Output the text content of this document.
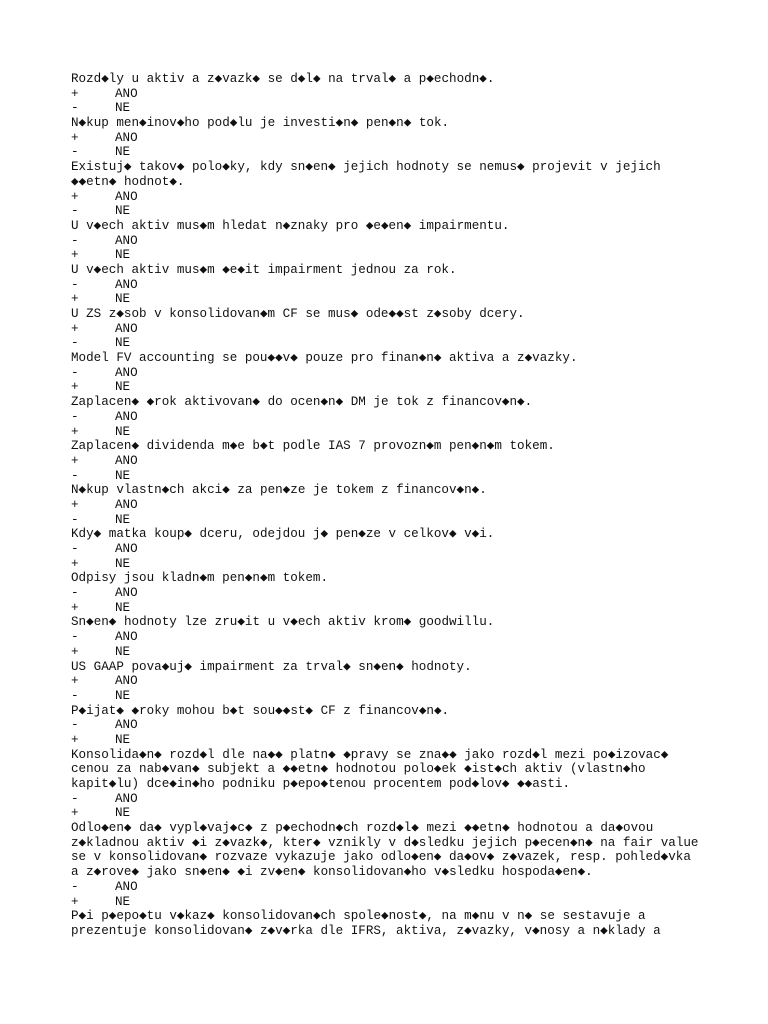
Rozd◆ly u aktiv a z◆vazk◆ se d◆l◆ na trval◆ a p◆echodn◆.
+	ANO
-	NE
N◆kup men◆inov◆ho pod◆lu je investi◆n◆ pen◆n◆ tok.
+	ANO
-	NE
Existuj◆ takov◆ polo◆ky, kdy sn◆en◆ jejich hodnoty se nemus◆ projevit v jejich
◆◆etn◆ hodnot◆.
+	ANO
-	NE
U v◆ech aktiv mus◆m hledat n◆znaky pro ◆e◆en◆ impairmentu.
-	ANO
+	NE
U v◆ech aktiv mus◆m ◆e◆it impairment jednou za rok.
-	ANO
+	NE
U ZS z◆sob v konsolidovan◆m CF se mus◆ ode◆◆st z◆soby dcery.
+	ANO
-	NE
Model FV accounting se pou◆◆v◆ pouze pro finan◆n◆ aktiva a z◆vazky.
-	ANO
+	NE
Zaplacen◆ ◆rok aktivovan◆ do ocen◆n◆ DM je tok z financov◆n◆.
-	ANO
+	NE
Zaplacen◆ dividenda m◆e b◆t podle IAS 7 provozn◆m pen◆n◆m tokem.
+	ANO
-	NE
N◆kup vlastn◆ch akci◆ za pen◆ze je tokem z financov◆n◆.
+	ANO
-	NE
Kdy◆ matka koup◆ dceru, odejdou j◆ pen◆ze v celkov◆ v◆i.
-	ANO
+	NE
Odpisy jsou kladn◆m pen◆n◆m tokem.
-	ANO
+	NE
Sn◆en◆ hodnoty lze zru◆it u v◆ech aktiv krom◆ goodwillu.
-	ANO
+	NE
US GAAP pova◆uj◆ impairment za trval◆ sn◆en◆ hodnoty.
+	ANO
-	NE
P◆ijat◆ ◆roky mohou b◆t sou◆◆st◆ CF z financov◆n◆.
-	ANO
+	NE
Konsolida◆n◆ rozd◆l dle na◆◆ platn◆ ◆pravy se zna◆◆ jako rozd◆l mezi po◆izovac◆
cenou za nab◆van◆ subjekt a ◆◆etn◆ hodnotou polo◆ek ◆ist◆ch aktiv (vlastn◆ho
kapit◆lu) dce◆in◆ho podniku p◆epo◆tenou procentem pod◆lov◆ ◆◆asti.
-	ANO
+	NE
Odlo◆en◆ da◆ vypl◆vaj◆c◆ z p◆echodn◆ch rozd◆l◆ mezi ◆◆etn◆ hodnotou a da◆ovou
z◆kladnou aktiv ◆i z◆vazk◆, kter◆ vznikly v d◆sledku jejich p◆ecen◆n◆ na fair value
se v konsolidovan◆ rozvaze vykazuje jako odlo◆en◆ da◆ov◆ z◆vazek, resp. pohled◆vka
a z◆rove◆ jako sn◆en◆ ◆i zv◆en◆ konsolidovan◆ho v◆sledku hospoda◆en◆.
-	ANO
+	NE
P◆i p◆epo◆tu v◆kaz◆ konsolidovan◆ch spole◆nost◆, na m◆nu v n◆ se sestavuje a
prezentuje konsolidovan◆ z◆v◆rka dle IFRS, aktiva, z◆vazky, v◆nosy a n◆klady a
